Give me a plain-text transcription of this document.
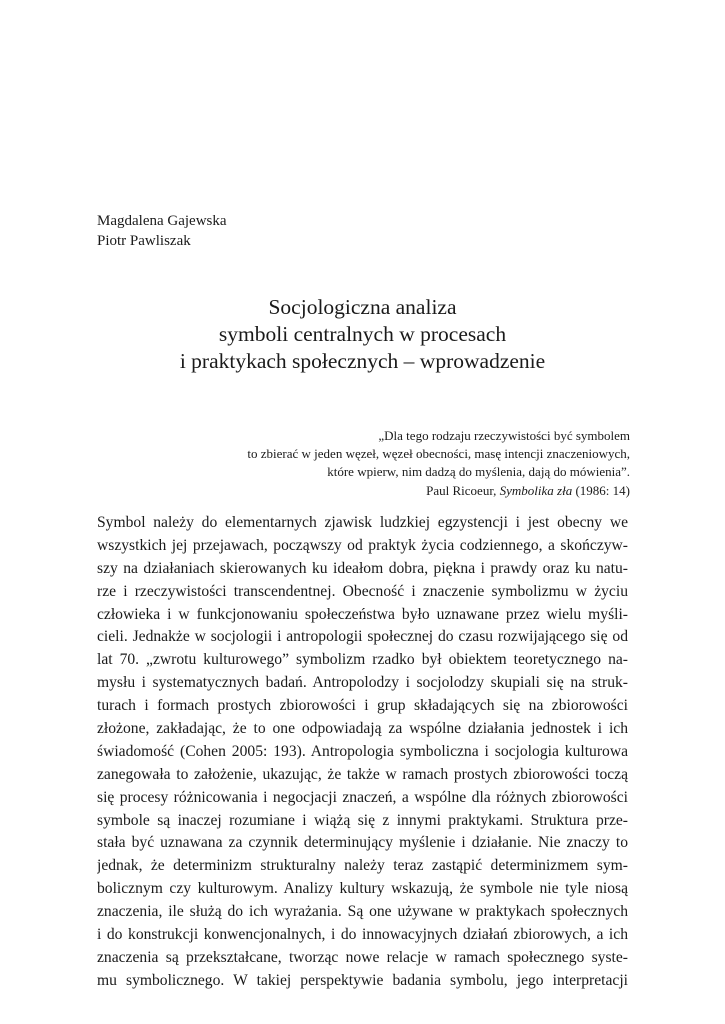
Magdalena Gajewska
Piotr Pawliszak
Socjologiczna analiza
symboli centralnych w procesach
i praktykach społecznych – wprowadzenie
„Dla tego rodzaju rzeczywistości być symbolem
to zbierać w jeden węzeł, węzeł obecności, masę intencji znaczeniowych,
które wpierw, nim dadzą do myślenia, dają do mówienia”.
Paul Ricoeur, Symbolika zła (1986: 14)
Symbol należy do elementarnych zjawisk ludzkiej egzystencji i jest obecny we
wszystkich jej przejawach, począwszy od praktyk życia codziennego, a skończyw-
szy na działaniach skierowanych ku ideałom dobra, piękna i prawdy oraz ku natu-
rze i rzeczywistości transcendentnej. Obecność i znaczenie symbolizmu w życiu
człowieka i w funkcjonowaniu społeczeństwa było uznawane przez wielu myśli-
cieli. Jednakże w socjologii i antropologii społecznej do czasu rozwijającego się od
lat 70. „zwrotu kulturowego” symbolizm rzadko był obiektem teoretycznego na-
mysłu i systematycznych badań. Antropolodzy i socjolodzy skupiali się na struk-
turach i formach prostych zbiorowości i grup składających się na zbiorowości
złożone, zakładając, że to one odpowiadają za wspólne działania jednostek i ich
świadomość (Cohen 2005: 193). Antropologia symboliczna i socjologia kulturowa
zanegowała to założenie, ukazując, że także w ramach prostych zbiorowości toczą
się procesy różnicowania i negocjacji znaczeń, a wspólne dla różnych zbiorowości
symbole są inaczej rozumiane i wiążą się z innymi praktykami. Struktura prze-
stała być uznawana za czynnik determinujący myślenie i działanie. Nie znaczy to
jednak, że determinizm strukturalny należy teraz zastąpić determinizmem sym-
bolicznym czy kulturowym. Analizy kultury wskazują, że symbole nie tyle niosą
znaczenia, ile służą do ich wyrażania. Są one używane w praktykach społecznych
i do konstrukcji konwencjonalnych, i do innowacyjnych działań zbiorowych, a ich
znaczenia są przekształcane, tworząc nowe relacje w ramach społecznego syste-
mu symbolicznego. W takiej perspektywie badania symbolu, jego interpretacji
